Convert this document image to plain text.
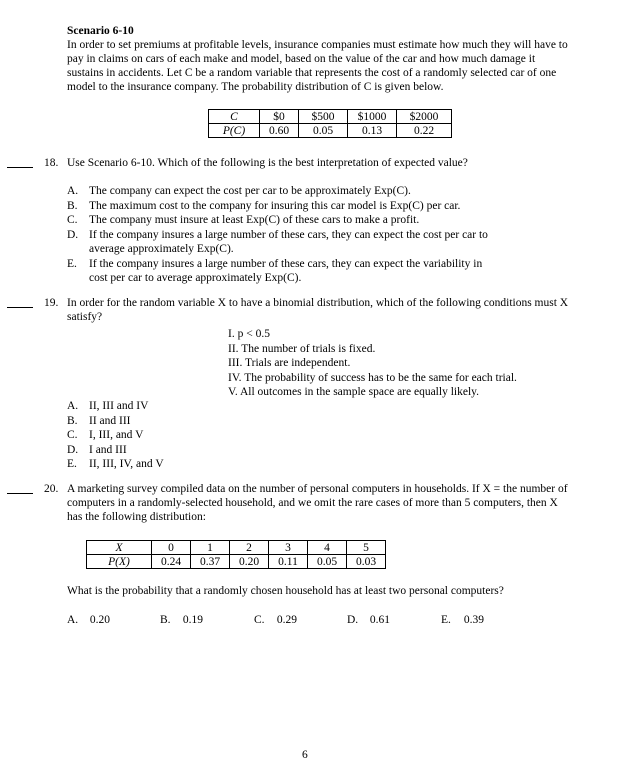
Scenario 6-10
In order to set premiums at profitable levels, insurance companies must estimate how much they will have to
pay in claims on cars of each make and model, based on the value of the car and how much damage it
sustains in accidents. Let C be a random variable that represents the cost of a randomly selected car of one
model to the insurance company. The probability distribution of C is given below.
C	$0	$500	$1000	$2000
P(C)	0.60	0.05	0.13	0.22
18. Use Scenario 6-10. Which of the following is the best interpretation of expected value?
A. The company can expect the cost per car to be approximately Exp(C).
B. The maximum cost to the company for insuring this car model is Exp(C) per car.
C. The company must insure at least Exp(C) of these cars to make a profit.
D. If the company insures a large number of these cars, they can expect the cost per car to
average approximately Exp(C).
E. If the company insures a large number of these cars, they can expect the variability in
cost per car to average approximately Exp(C).
19. In order for the random variable X to have a binomial distribution, which of the following conditions must X
satisfy?
I. p < 0.5
II. The number of trials is fixed.
III. Trials are independent.
IV. The probability of success has to be the same for each trial.
V. All outcomes in the sample space are equally likely.
A. II, III and IV
B. II and III
C. I, III, and V
D. I and III
E. II, III, IV, and V
20. A marketing survey compiled data on the number of personal computers in households. If X = the number of
computers in a randomly-selected household, and we omit the rare cases of more than 5 computers, then X
has the following distribution:
X	0	1	2	3	4	5
P(X)	0.24	0.37	0.20	0.11	0.05	0.03
What is the probability that a randomly chosen household has at least two personal computers?
A. 0.20	B. 0.19	C. 0.29	D. 0.61	E. 0.39
6
